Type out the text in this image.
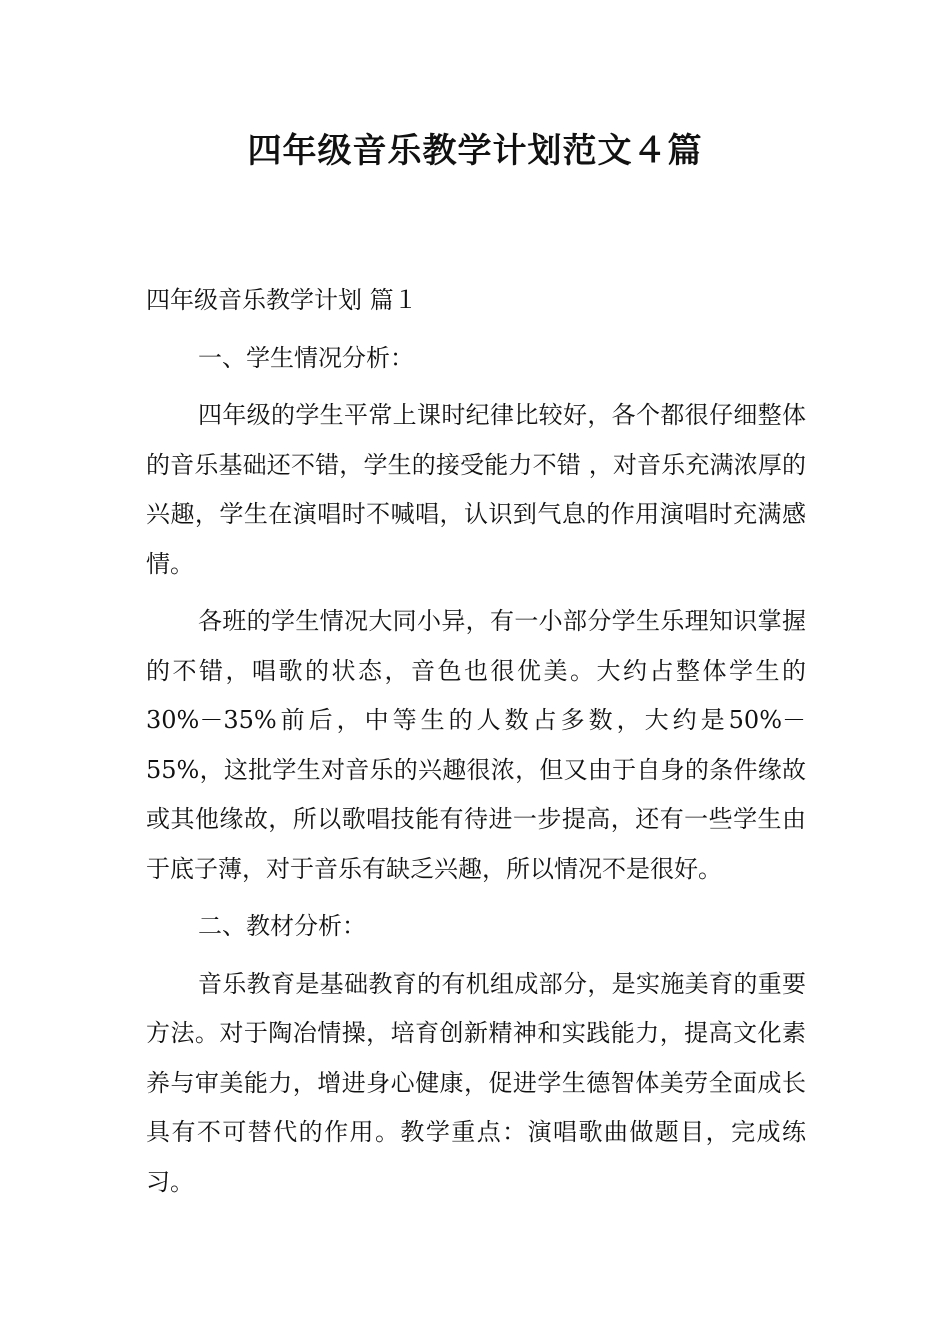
四年级音乐教学计划范文４篇

四年级音乐教学计划 篇１

一、学生情况分析：

四年级的学生平常上课时纪律比较好，各个都很仔细整体的音乐基础还不错，学生的接受能力不错 ，对音乐充满浓厚的兴趣，学生在演唱时不喊唱，认识到气息的作用演唱时充满感情。

各班的学生情况大同小异，有一小部分学生乐理知识掌握的不错，唱歌的状态，音色也很优美。大约占整体学生的 30%－35%前后，中等生的人数占多数，大约是50%－55%，这批学生对音乐的兴趣很浓，但又由于自身的条件缘故或其他缘故，所以歌唱技能有待进一步提高，还有一些学生由于底子薄，对于音乐有缺乏兴趣，所以情况不是很好。

二、教材分析：

音乐教育是基础教育的有机组成部分，是实施美育的重要方法。对于陶冶情操，培育创新精神和实践能力，提高文化素养与审美能力，增进身心健康，促进学生德智体美劳全面成长具有不可替代的作用。教学重点：演唱歌曲做题目，完成练习。
